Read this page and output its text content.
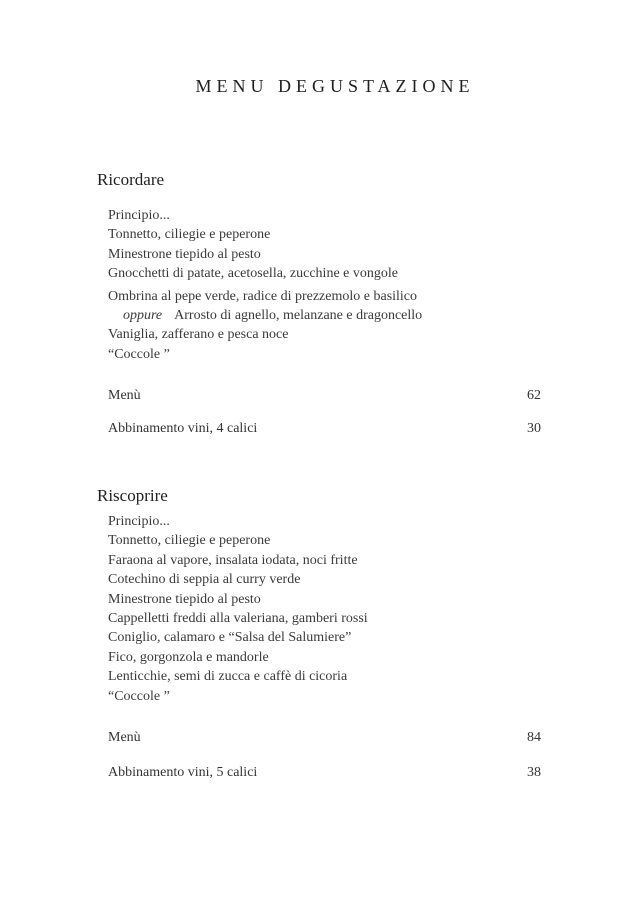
MENU DEGUSTAZIONE
Ricordare
Principio...
Tonnetto, ciliegie e peperone
Minestrone tiepido al pesto
Gnocchetti di patate, acetosella, zucchine e vongole
Ombrina al pepe verde, radice di prezzemolo e basilico
oppure Arrosto di agnello, melanzane e dragoncello
Vaniglia, zafferano e pesca noce
“Coccole ”
Menù	62
Abbinamento vini, 4 calici	30
Riscoprire
Principio...
Tonnetto, ciliegie e peperone
Faraona al vapore, insalata iodata, noci fritte
Cotechino di seppia al curry verde
Minestrone tiepido al pesto
Cappelletti freddi alla valeriana, gamberi rossi
Coniglio, calamaro e “Salsa del Salumiere”
Fico, gorgonzola e mandorle
Lenticchie, semi di zucca e caffè di cicoria
“Coccole ”
Menù	84
Abbinamento vini, 5 calici	38
